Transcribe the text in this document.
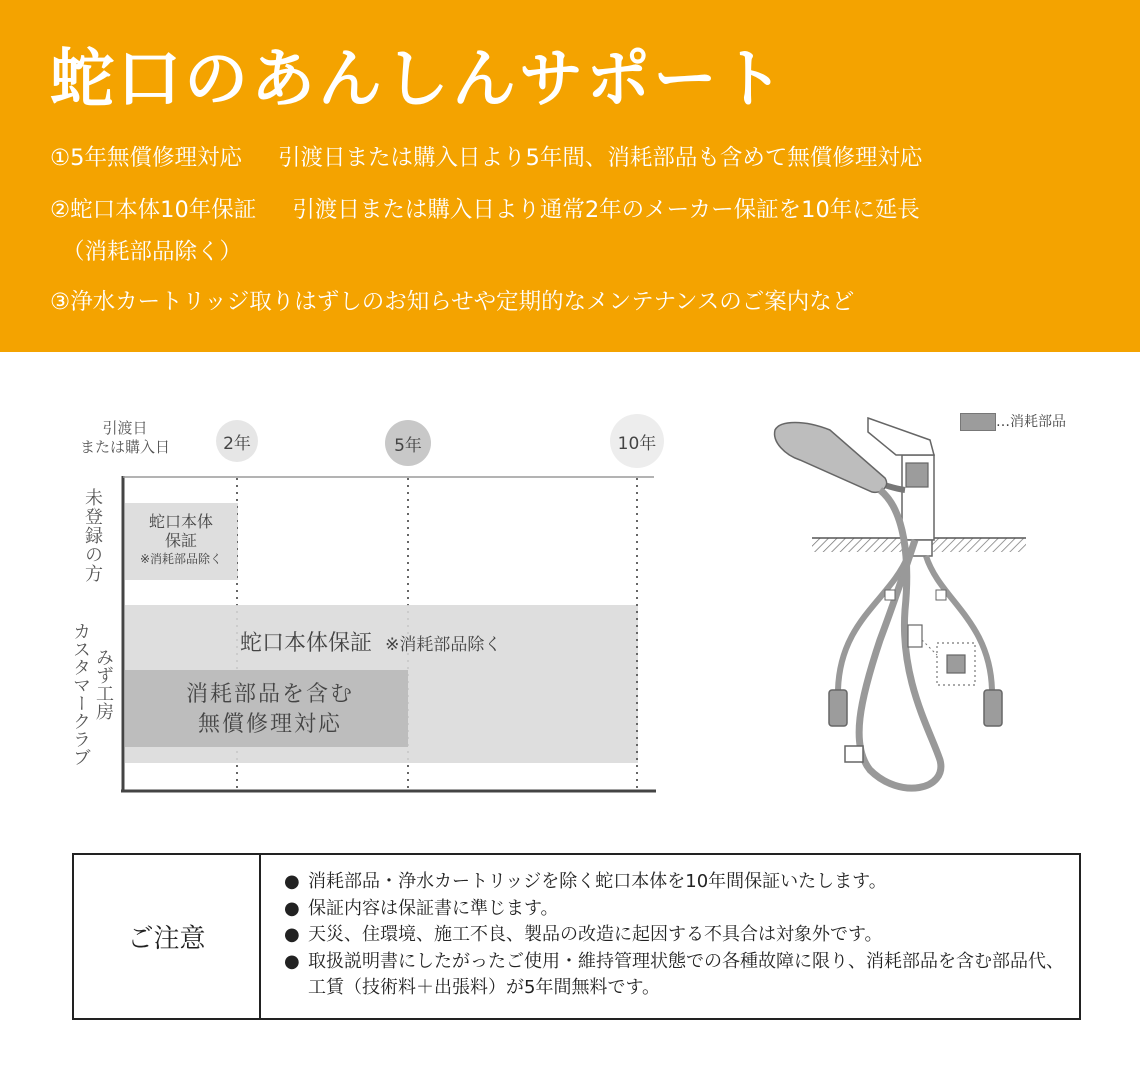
蛇口のあんしんサポート
①5年無償修理対応 引渡日または購入日より5年間、消耗部品も含めて無償修理対応
②蛇口本体10年保証 引渡日または購入日より通常2年のメーカー保証を10年に延長
（消耗部品除く）
③浄水カートリッジ取りはずしのお知らせや定期的なメンテナンスのご案内など
引渡日
または購入日	2年	5年	10年
未登録の方
カスタマークラブ みず工房
蛇口本体
保証
※消耗部品除く
蛇口本体保証 ※消耗部品除く
消耗部品を含む
無償修理対応
…消耗部品
ご注意
● 消耗部品・浄水カートリッジを除く蛇口本体を10年間保証いたします。
● 保証内容は保証書に準じます。
● 天災、住環境、施工不良、製品の改造に起因する不具合は対象外です。
● 取扱説明書にしたがったご使用・維持管理状態での各種故障に限り、消耗部品を含む部品代、工賃（技術料＋出張料）が5年間無料です。
